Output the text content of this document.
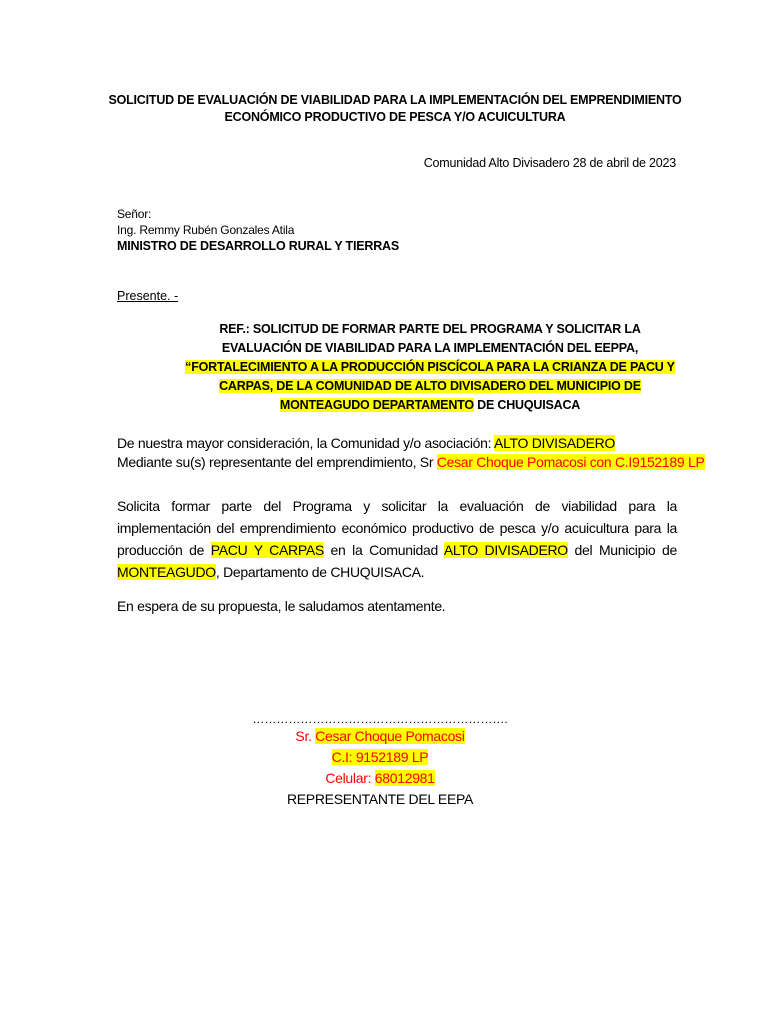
SOLICITUD DE EVALUACIÓN DE VIABILIDAD PARA LA IMPLEMENTACIÓN DEL EMPRENDIMIENTO
ECONÓMICO PRODUCTIVO DE PESCA Y/O ACUICULTURA
Comunidad Alto Divisadero 28 de abril de 2023
Señor:
Ing. Remmy Rubén Gonzales Atila
MINISTRO DE DESARROLLO RURAL Y TIERRAS
Presente. -
REF.: SOLICITUD DE FORMAR PARTE DEL PROGRAMA Y SOLICITAR LA EVALUACIÓN DE VIABILIDAD PARA LA IMPLEMENTACIÓN DEL EEPPA, “FORTALECIMIENTO A LA PRODUCCIÓN PISCÍCOLA PARA LA CRIANZA DE PACU Y CARPAS, DE LA COMUNIDAD DE ALTO DIVISADERO DEL MUNICIPIO DE MONTEAGUDO DEPARTAMENTO DE CHUQUISACA
De nuestra mayor consideración, la Comunidad y/o asociación: ALTO DIVISADERO
Mediante su(s) representante del emprendimiento, Sr Cesar Choque Pomacosi con C.I9152189 LP
Solicita formar parte del Programa y solicitar la evaluación de viabilidad para la implementación del emprendimiento económico productivo de pesca y/o acuicultura para la producción de PACU Y CARPAS en la Comunidad ALTO DIVISADERO del Municipio de MONTEAGUDO, Departamento de CHUQUISACA.
En espera de su propuesta, le saludamos atentamente.
……………………………………………………….
Sr. Cesar Choque Pomacosi
C.I: 9152189 LP
Celular: 68012981
REPRESENTANTE DEL EEPA
